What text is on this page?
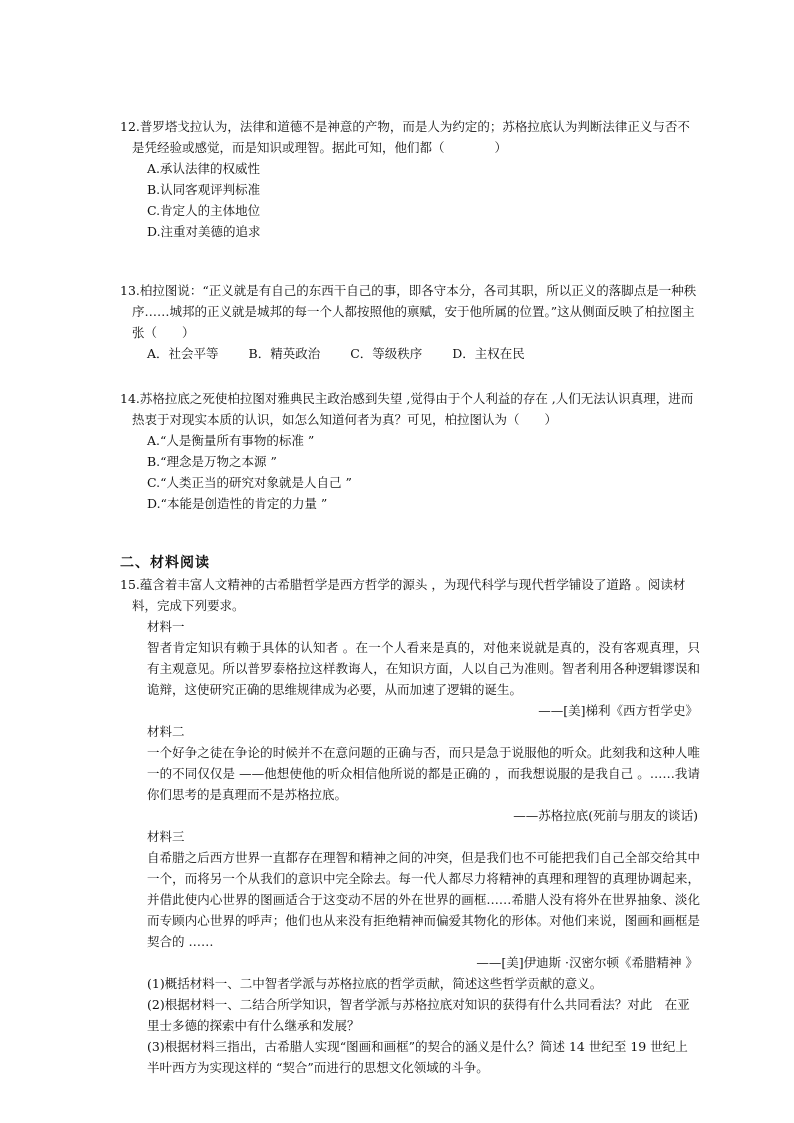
12.普罗塔戈拉认为，法律和道德不是神意的产物，而是人为约定的；苏格拉底认为判断法律正义与否不是凭经验或感觉，而是知识或理智。据此可知，他们都（　　　　）

A.承认法律的权威性

B.认同客观评判标准

C.肯定人的主体地位

D.注重对美德的追求

13.柏拉图说：“正义就是有自己的东西干自己的事，即各守本分，各司其职，所以正义的落脚点是一种秩序……城邦的正义就是城邦的每一个人都按照他的禀赋，安于他所属的位置。”这从侧面反映了柏拉图主张（　　）

A．社会平等 B．精英政治 C．等级秩序 D．主权在民

14.苏格拉底之死使柏拉图对雅典民主政治感到失望 ,觉得由于个人利益的存在 ,人们无法认识真理，进而热衷于对现实本质的认识，如怎么知道何者为真？可见，柏拉图认为（　　）

A.“人是衡量所有事物的标准 ”

B.“理念是万物之本源 ”

C.“人类正当的研究对象就是人自己 ”

D.“本能是创造性的肯定的力量 ”

二、材料阅读

15.蕴含着丰富人文精神的古希腊哲学是西方哲学的源头 ，为现代科学与现代哲学铺设了道路 。阅读材料，完成下列要求。

材料一

智者肯定知识有赖于具体的认知者 。在一个人看来是真的，对他来说就是真的，没有客观真理，只有主观意见。所以普罗泰格拉这样教诲人，在知识方面，人以自己为准则。智者利用各种逻辑谬误和诡辩，这使研究正确的思维规律成为必要，从而加速了逻辑的诞生。

——[美]梯利《西方哲学史》

材料二

一个好争之徒在争论的时候并不在意问题的正确与否，而只是急于说服他的听众。此刻我和这种人唯一的不同仅仅是 ——他想使他的听众相信他所说的都是正确的 ，而我想说服的是我自己 。……我请你们思考的是真理而不是苏格拉底。

——苏格拉底(死前与朋友的谈话)

材料三

自希腊之后西方世界一直都存在理智和精神之间的冲突，但是我们也不可能把我们自己全部交给其中一个，而将另一个从我们的意识中完全除去。每一代人都尽力将精神的真理和理智的真理协调起来，并借此使内心世界的图画适合于这变动不居的外在世界的画框……希腊人没有将外在世界抽象、淡化而专顾内心世界的呼声；他们也从来没有拒绝精神而偏爱其物化的形体。对他们来说，图画和画框是契合的 ……

——[美]伊迪斯 ·汉密尔顿《希腊精神 》

(1)概括材料一、二中智者学派与苏格拉底的哲学贡献，简述这些哲学贡献的意义。

(2)根据材料一、二结合所学知识，智者学派与苏格拉底对知识的获得有什么共同看法？对此　在亚里士多德的探索中有什么继承和发展？

(3)根据材料三指出，古希腊人实现“图画和画框”的契合的涵义是什么？简述 14 世纪至 19 世纪上半叶西方为实现这样的 “契合”而进行的思想文化领域的斗争。
